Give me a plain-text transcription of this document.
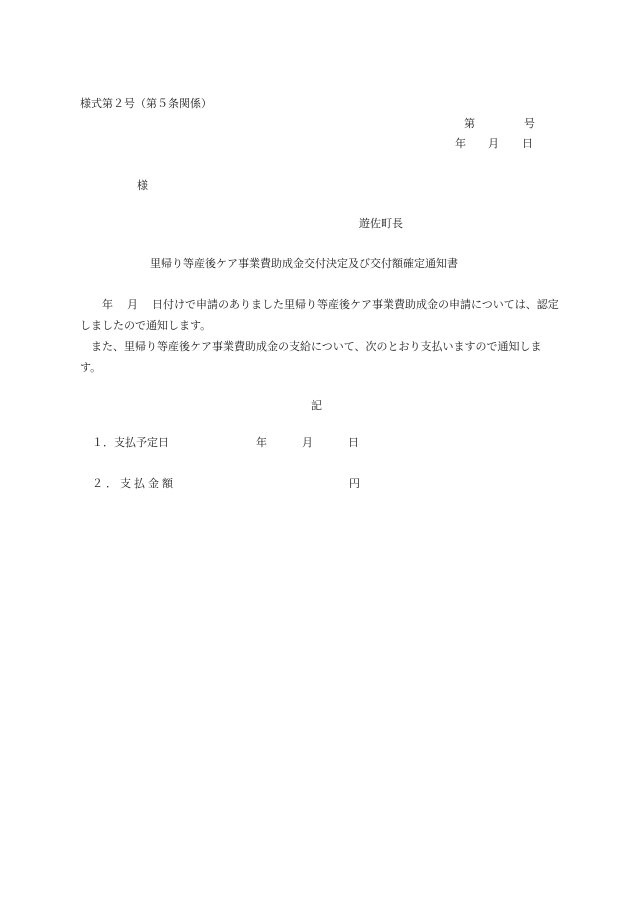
様式第２号（第５条関係）
第	号
年 月 日
様
遊佐町長
里帰り等産後ケア事業費助成金交付決定及び交付額確定通知書
年 月 日付けで申請のありました里帰り等産後ケア事業費助成金の申請については、認定しましたので通知します。
また、里帰り等産後ケア事業費助成金の支給について、次のとおり支払いますので通知します。
記
１．支払予定日	年	月	日
２．支払金額	円
